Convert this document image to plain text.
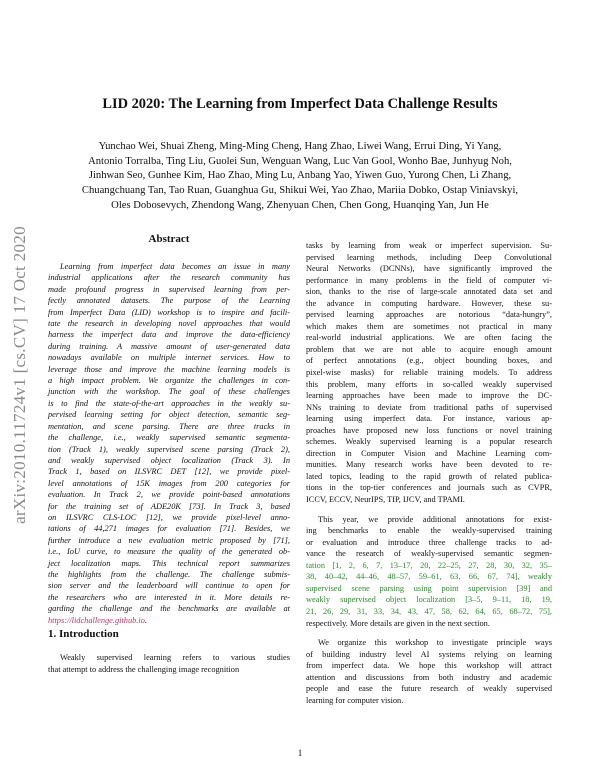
arXiv:2010.11724v1 [cs.CV] 17 Oct 2020
LID 2020: The Learning from Imperfect Data Challenge Results
Yunchao Wei, Shuai Zheng, Ming-Ming Cheng, Hang Zhao, Liwei Wang, Errui Ding, Yi Yang,
Antonio Torralba, Ting Liu, Guolei Sun, Wenguan Wang, Luc Van Gool, Wonho Bae, Junhyug Noh,
Jinhwan Seo, Gunhee Kim, Hao Zhao, Ming Lu, Anbang Yao, Yiwen Guo, Yurong Chen, Li Zhang,
Chuangchuang Tan, Tao Ruan, Guanghua Gu, Shikui Wei, Yao Zhao, Mariia Dobko, Ostap Viniavskyi,
Oles Dobosevych, Zhendong Wang, Zhenyuan Chen, Chen Gong, Huanqing Yan, Jun He
Abstract
Learning from imperfect data becomes an issue in many
industrial applications after the research community has
made profound progress in supervised learning from per-
fectly annotated datasets. The purpose of the Learning
from Imperfect Data (LID) workshop is to inspire and facili-
tate the research in developing novel approaches that would
harness the imperfect data and improve the data-efficiency
during training. A massive amount of user-generated data
nowadays available on multiple internet services. How to
leverage those and improve the machine learning models is
a high impact problem. We organize the challenges in con-
junction with the workshop. The goal of these challenges
is to find the state-of-the-art approaches in the weakly su-
pervised learning setting for object detection, semantic seg-
mentation, and scene parsing. There are three tracks in
the challenge, i.e., weakly supervised semantic segmenta-
tion (Track 1), weakly supervised scene parsing (Track 2),
and weakly supervised object localization (Track 3). In
Track 1, based on ILSVRC DET [12], we provide pixel-
level annotations of 15K images from 200 categories for
evaluation. In Track 2, we provide point-based annotations
for the training set of ADE20K [73]. In Track 3, based
on ILSVRC CLS-LOC [12], we provide pixel-level anno-
tations of 44,271 images for evaluation [71]. Besides, we
further introduce a new evaluation metric proposed by [71],
i.e., IoU curve, to measure the quality of the generated ob-
ject localization maps. This technical report summarizes
the highlights from the challenge. The challenge submis-
sion server and the leaderboard will continue to open for
the researchers who are interested in it. More details re-
garding the challenge and the benchmarks are available at
https://lidchallenge.github.io.
1. Introduction
Weakly supervised learning refers to various studies
that attempt to address the challenging image recognition
tasks by learning from weak or imperfect supervision. Su-
pervised learning methods, including Deep Convolutional
Neural Networks (DCNNs), have significantly improved the
performance in many problems in the field of computer vi-
sion, thanks to the rise of large-scale annotated data set and
the advance in computing hardware. However, these su-
pervised learning approaches are notorious “data-hungry”,
which makes them are sometimes not practical in many
real-world industrial applications. We are often facing the
problem that we are not able to acquire enough amount
of perfect annotations (e.g., object bounding boxes, and
pixel-wise masks) for reliable training models. To address
this problem, many efforts in so-called weakly supervised
learning approaches have been made to improve the DC-
NNs training to deviate from traditional paths of supervised
learning using imperfect data. For instance, various ap-
proaches have proposed new loss functions or novel training
schemes. Weakly supervised learning is a popular research
direction in Computer Vision and Machine Learning com-
munities. Many research works have been devoted to re-
lated topics, leading to the rapid growth of related publica-
tions in the top-tier conferences and journals such as CVPR,
ICCV, ECCV, NeurIPS, TIP, IJCV, and TPAMI.
This year, we provide additional annotations for exist-
ing benchmarks to enable the weakly-supervised training
or evaluation and introduce three challenge tracks to ad-
vance the research of weakly-supervised semantic segmen-
tation [1, 2, 6, 7, 13–17, 20, 22–25, 27, 28, 30, 32, 35–
38, 40–42, 44–46, 48–57, 59–61, 63, 66, 67, 74], weakly
supervised scene parsing using point supervision [39] and
weakly supervised object localization [3–5, 9–11, 18, 19,
21, 26, 29, 31, 33, 34, 43, 47, 58, 62, 64, 65, 68–72, 75],
respectively. More details are given in the next section.
We organize this workshop to investigate principle ways
of building industry level AI systems relying on learning
from imperfect data. We hope this workshop will attract
attention and discussions from both industry and academic
people and ease the future research of weakly supervised
learning for computer vision.
1
